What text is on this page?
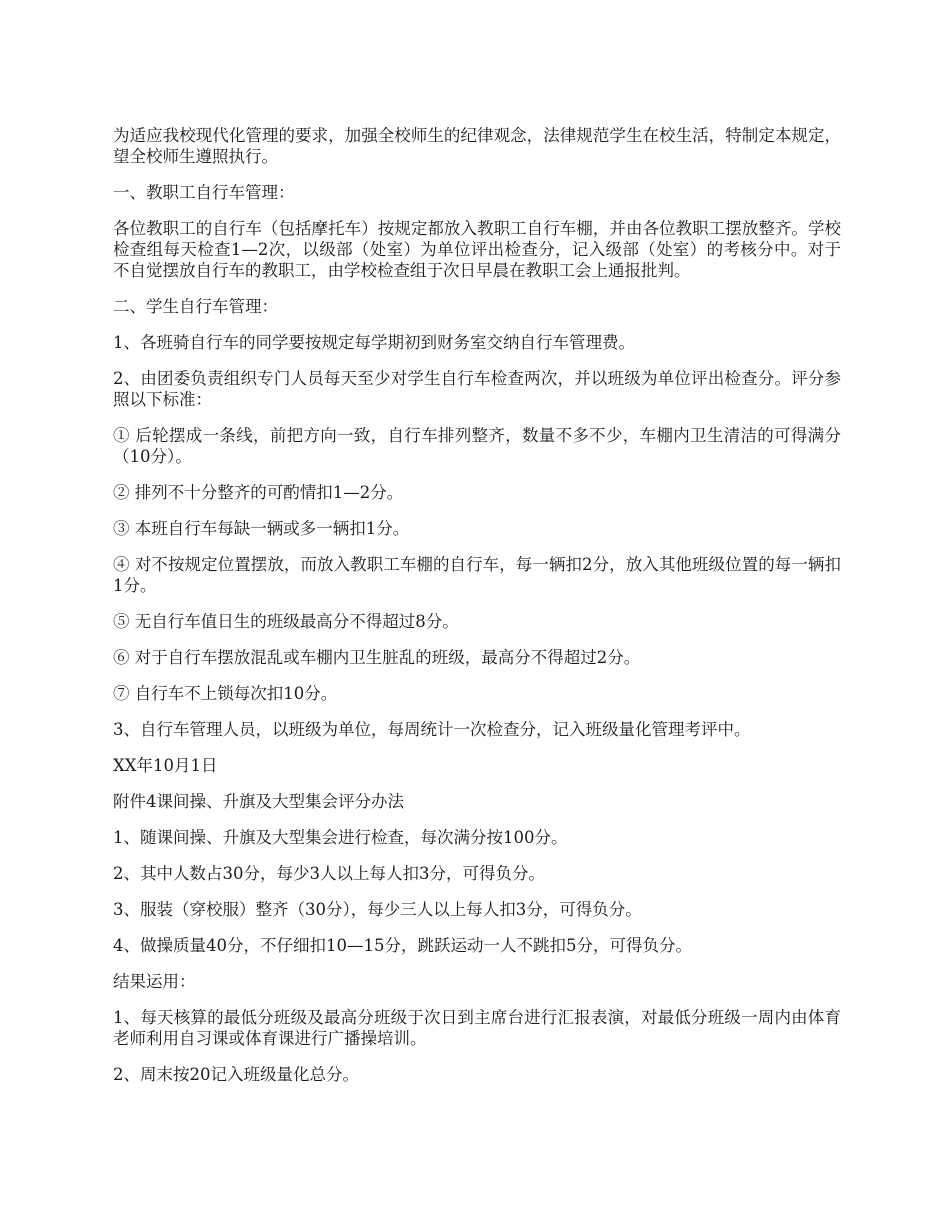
为适应我校现代化管理的要求，加强全校师生的纪律观念，法律规范学生在校生活，特制定本规定，望全校师生遵照执行。

一、教职工自行车管理：

各位教职工的自行车（包括摩托车）按规定都放入教职工自行车棚，并由各位教职工摆放整齐。学校检查组每天检查1—2次，以级部（处室）为单位评出检查分，记入级部（处室）的考核分中。对于不自觉摆放自行车的教职工，由学校检查组于次日早晨在教职工会上通报批判。

二、学生自行车管理：

1、各班骑自行车的同学要按规定每学期初到财务室交纳自行车管理费。

2、由团委负责组织专门人员每天至少对学生自行车检查两次，并以班级为单位评出检查分。评分参照以下标准：

① 后轮摆成一条线，前把方向一致，自行车排列整齐，数量不多不少，车棚内卫生清洁的可得满分（10分）。

② 排列不十分整齐的可酌情扣1—2分。

③ 本班自行车每缺一辆或多一辆扣1分。

④ 对不按规定位置摆放，而放入教职工车棚的自行车，每一辆扣2分，放入其他班级位置的每一辆扣1分。

⑤ 无自行车值日生的班级最高分不得超过8分。

⑥ 对于自行车摆放混乱或车棚内卫生脏乱的班级，最高分不得超过2分。

⑦ 自行车不上锁每次扣10分。

3、自行车管理人员，以班级为单位，每周统计一次检查分，记入班级量化管理考评中。

XX年10月1日

附件4课间操、升旗及大型集会评分办法

1、随课间操、升旗及大型集会进行检查，每次满分按100分。

2、其中人数占30分，每少3人以上每人扣3分，可得负分。

3、服装（穿校服）整齐（30分），每少三人以上每人扣3分，可得负分。

4、做操质量40分，不仔细扣10—15分，跳跃运动一人不跳扣5分，可得负分。

结果运用：

1、每天核算的最低分班级及最高分班级于次日到主席台进行汇报表演，对最低分班级一周内由体育老师利用自习课或体育课进行广播操培训。

2、周末按20记入班级量化总分。
